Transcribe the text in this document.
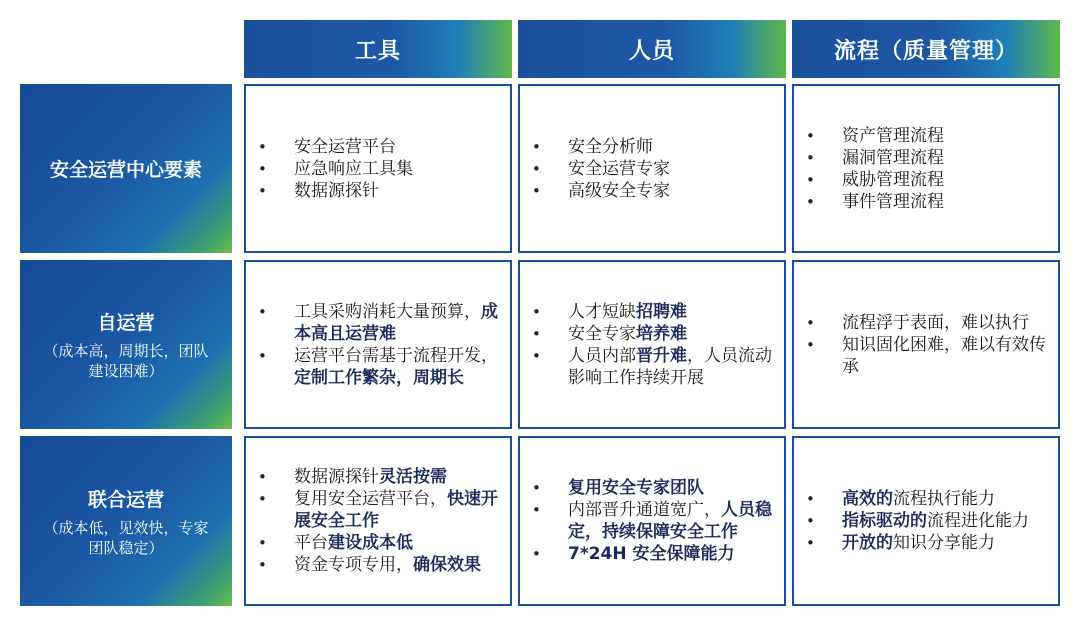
工具	人员	流程（质量管理）
安全运营中心要素
自运营
（成本高，周期长，团队建设困难）
联合运营
（成本低，见效快，专家团队稳定）
• 安全运营平台
• 应急响应工具集
• 数据源探针
• 安全分析师
• 安全运营专家
• 高级安全专家
• 资产管理流程
• 漏洞管理流程
• 威胁管理流程
• 事件管理流程
• 工具采购消耗大量预算，成本高且运营难
• 运营平台需基于流程开发，定制工作繁杂，周期长
• 人才短缺招聘难
• 安全专家培养难
• 人员内部晋升难，人员流动影响工作持续开展
• 流程浮于表面，难以执行
• 知识固化困难，难以有效传承
• 数据源探针灵活按需
• 复用安全运营平台，快速开展安全工作
• 平台建设成本低
• 资金专项专用，确保效果
• 复用安全专家团队
• 内部晋升通道宽广，人员稳定，持续保障安全工作
• 7*24H 安全保障能力
• 高效的流程执行能力
• 指标驱动的流程进化能力
• 开放的知识分享能力
